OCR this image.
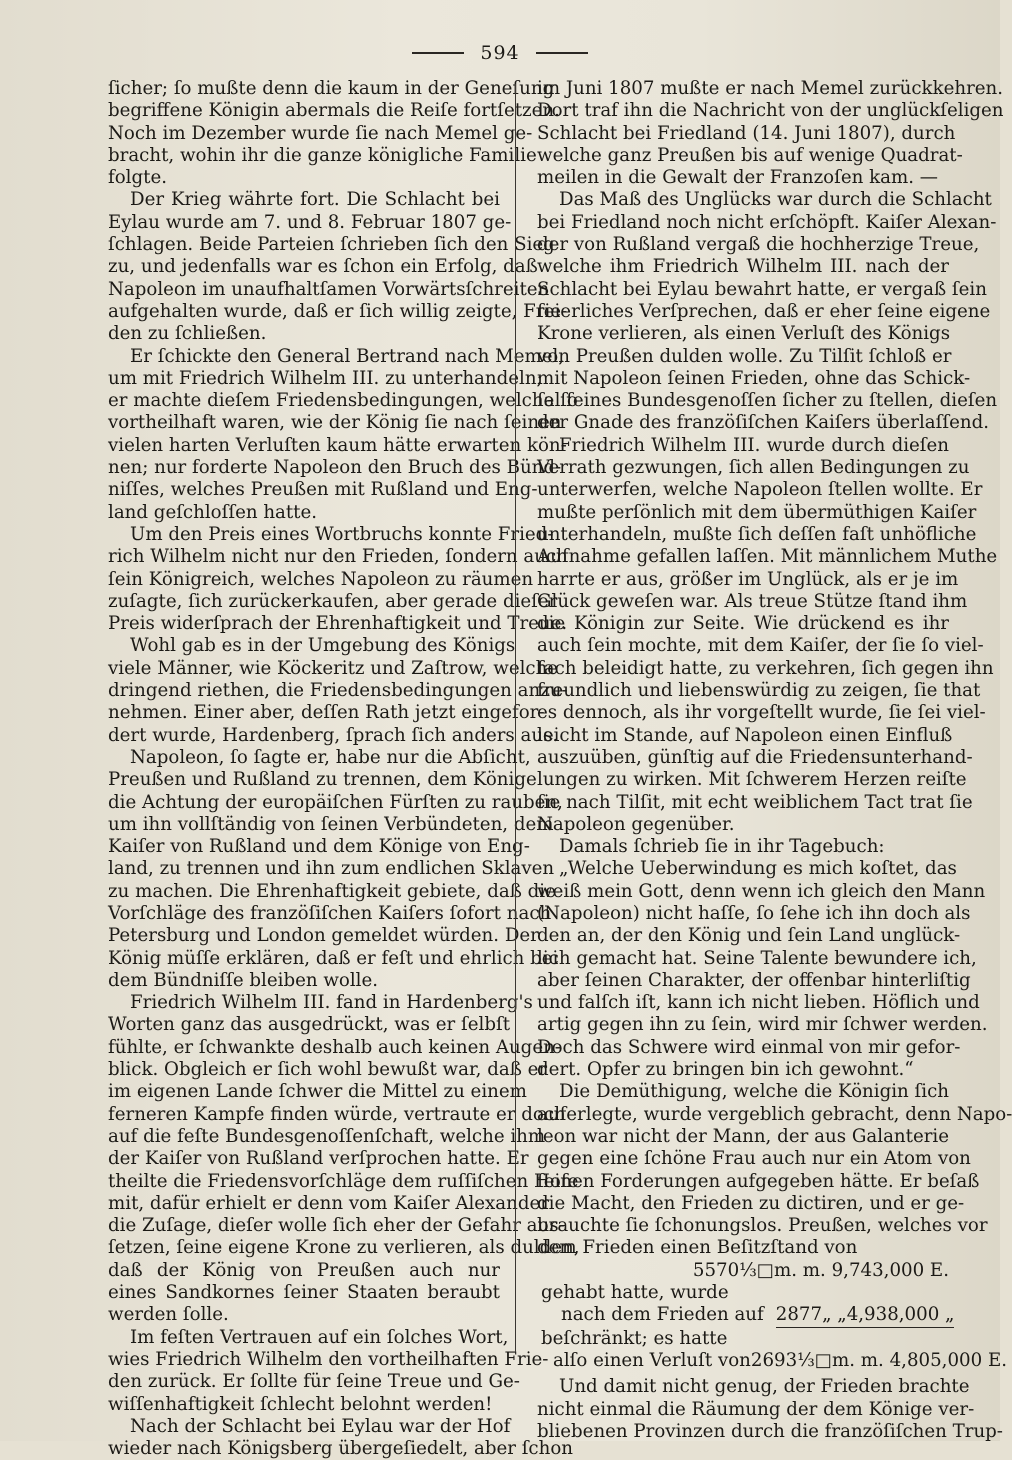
594
ſicher; ſo mußte denn die kaum in der Geneſung
begriffene Königin abermals die Reiſe fortſetzen.
Noch im Dezember wurde ſie nach Memel ge-
bracht, wohin ihr die ganze königliche Familie
folgte.
Der Krieg währte fort. Die Schlacht bei
Eylau wurde am 7. und 8. Februar 1807 ge-
ſchlagen. Beide Parteien ſchrieben ſich den Sieg
zu, und jedenfalls war es ſchon ein Erfolg, daß
Napoleon im unaufhaltſamen Vorwärtsſchreiten
aufgehalten wurde, daß er ſich willig zeigte, Frie-
den zu ſchließen.
Er ſchickte den General Bertrand nach Memel,
um mit Friedrich Wilhelm III. zu unterhandeln;
er machte dieſem Friedensbedingungen, welche ſo
vortheilhaft waren, wie der König ſie nach ſeinen
vielen harten Verluſten kaum hätte erwarten kön-
nen; nur forderte Napoleon den Bruch des Bünd-
niſſes, welches Preußen mit Rußland und Eng-
land geſchloſſen hatte.
Um den Preis eines Wortbruchs konnte Fried-
rich Wilhelm nicht nur den Frieden, ſondern auch
ſein Königreich, welches Napoleon zu räumen
zuſagte, ſich zurückerkaufen, aber gerade dieſer
Preis widerſprach der Ehrenhaftigkeit und Treue.
Wohl gab es in der Umgebung des Königs
viele Männer, wie Köckeritz und Zaſtrow, welche
dringend riethen, die Friedensbedingungen anzu-
nehmen. Einer aber, deſſen Rath jetzt eingefor-
dert wurde, Hardenberg, ſprach ſich anders aus.
Napoleon, ſo ſagte er, habe nur die Abſicht,
Preußen und Rußland zu trennen, dem Könige
die Achtung der europäiſchen Fürſten zu rauben,
um ihn vollſtändig von ſeinen Verbündeten, dem
Kaiſer von Rußland und dem Könige von Eng-
land, zu trennen und ihn zum endlichen Sklaven
zu machen. Die Ehrenhaftigkeit gebiete, daß die
Vorſchläge des franzöſiſchen Kaiſers ſofort nach
Petersburg und London gemeldet würden. Der
König müſſe erklären, daß er feſt und ehrlich bei
dem Bündniſſe bleiben wolle.
Friedrich Wilhelm III. fand in Hardenberg's
Worten ganz das ausgedrückt, was er ſelbſt
fühlte, er ſchwankte deshalb auch keinen Augen-
blick. Obgleich er ſich wohl bewußt war, daß er
im eigenen Lande ſchwer die Mittel zu einem
ferneren Kampfe finden würde, vertraute er doch
auf die feſte Bundesgenoſſenſchaft, welche ihm
der Kaiſer von Rußland verſprochen hatte. Er
theilte die Friedensvorſchläge dem ruſſiſchen Hofe
mit, dafür erhielt er denn vom Kaiſer Alexander
die Zuſage, dieſer wolle ſich eher der Gefahr aus-
ſetzen, ſeine eigene Krone zu verlieren, als dulden,
daß der König von Preußen auch nur
eines Sandkornes ſeiner Staaten beraubt
werden ſolle.
Im feſten Vertrauen auf ein ſolches Wort,
wies Friedrich Wilhelm den vortheilhaften Frie-
den zurück. Er ſollte für ſeine Treue und Ge-
wiſſenhaftigkeit ſchlecht belohnt werden!
Nach der Schlacht bei Eylau war der Hof
wieder nach Königsberg übergeſiedelt, aber ſchon
im Juni 1807 mußte er nach Memel zurückkehren.
Dort traf ihn die Nachricht von der unglückſeligen
Schlacht bei Friedland (14. Juni 1807), durch
welche ganz Preußen bis auf wenige Quadrat-
meilen in die Gewalt der Franzoſen kam. —
Das Maß des Unglücks war durch die Schlacht
bei Friedland noch nicht erſchöpft. Kaiſer Alexan-
der von Rußland vergaß die hochherzige Treue,
welche ihm Friedrich Wilhelm III. nach der
Schlacht bei Eylau bewahrt hatte, er vergaß ſein
feierliches Verſprechen, daß er eher ſeine eigene
Krone verlieren, als einen Verluſt des Königs
von Preußen dulden wolle. Zu Tilſit ſchloß er
mit Napoleon ſeinen Frieden, ohne das Schick-
ſal ſeines Bundesgenoſſen ſicher zu ſtellen, dieſen
der Gnade des franzöſiſchen Kaiſers überlaſſend.
Friedrich Wilhelm III. wurde durch dieſen
Verrath gezwungen, ſich allen Bedingungen zu
unterwerfen, welche Napoleon ſtellen wollte. Er
mußte perſönlich mit dem übermüthigen Kaiſer
unterhandeln, mußte ſich deſſen faſt unhöfliche
Aufnahme gefallen laſſen. Mit männlichem Muthe
harrte er aus, größer im Unglück, als er je im
Glück geweſen war. Als treue Stütze ſtand ihm
die Königin zur Seite. Wie drückend es ihr
auch ſein mochte, mit dem Kaiſer, der ſie ſo viel-
fach beleidigt hatte, zu verkehren, ſich gegen ihn
freundlich und liebenswürdig zu zeigen, ſie that
es dennoch, als ihr vorgeſtellt wurde, ſie ſei viel-
leicht im Stande, auf Napoleon einen Einfluß
auszuüben, günſtig auf die Friedensunterhand-
lungen zu wirken. Mit ſchwerem Herzen reiſte
ſie nach Tilſit, mit echt weiblichem Tact trat ſie
Napoleon gegenüber.
Damals ſchrieb ſie in ihr Tagebuch:
„Welche Ueberwindung es mich koſtet, das
weiß mein Gott, denn wenn ich gleich den Mann
(Napoleon) nicht haſſe, ſo ſehe ich ihn doch als
den an, der den König und ſein Land unglück-
lich gemacht hat. Seine Talente bewundere ich,
aber ſeinen Charakter, der offenbar hinterliſtig
und falſch iſt, kann ich nicht lieben. Höflich und
artig gegen ihn zu ſein, wird mir ſchwer werden.
Doch das Schwere wird einmal von mir gefor-
dert. Opfer zu bringen bin ich gewohnt.“
Die Demüthigung, welche die Königin ſich
auferlegte, wurde vergeblich gebracht, denn Napo-
leon war nicht der Mann, der aus Galanterie
gegen eine ſchöne Frau auch nur ein Atom von
ſeinen Forderungen aufgegeben hätte. Er beſaß
die Macht, den Frieden zu dictiren, und er ge-
brauchte ſie ſchonungslos. Preußen, welches vor
dem Frieden einen Beſitzſtand von
5570⅓□m. m. 9,743,000 E.
gehabt hatte, wurde
nach dem Frieden auf 2877 „ „ 4,938,000 „
beſchränkt; es hatte
alſo einen Verluſt von 2693⅓□m. m. 4,805,000 E.
Und damit nicht genug, der Frieden brachte
nicht einmal die Räumung der dem Könige ver-
bliebenen Provinzen durch die franzöſiſchen Trup-
